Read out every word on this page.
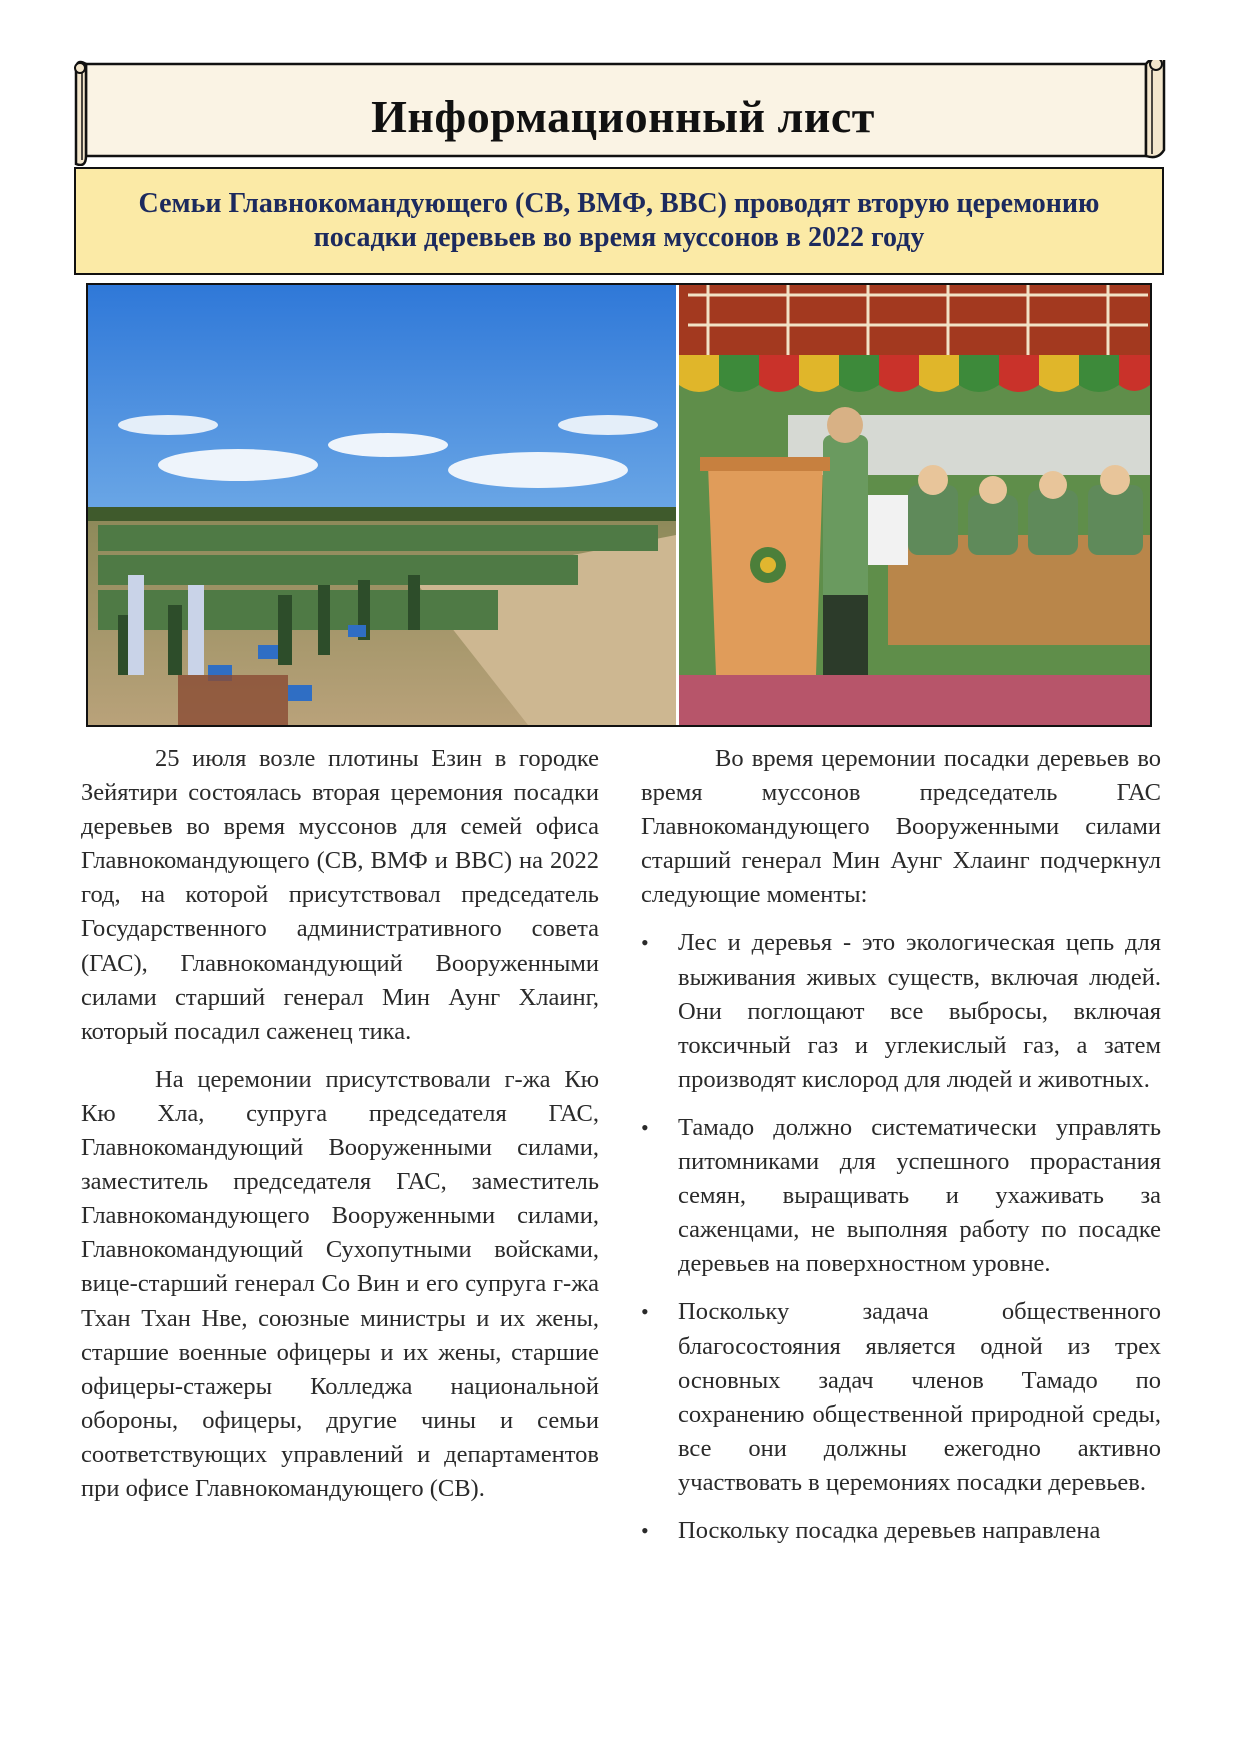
Информационный лист
Семьи Главнокомандующего (СВ, ВМФ, ВВС) проводят вторую церемонию посадки деревьев во время муссонов в 2022 году

25 июля возле плотины Езин в городке Зейятири состоялась вторая церемония посадки деревьев во время муссонов для семей офиса Главнокомандующего (СВ, ВМФ и ВВС) на 2022 год, на которой присутствовал председатель Государственного административного совета (ГАС), Главнокомандующий Вооруженными силами старший генерал Мин Аунг Хлаинг, который посадил саженец тика.

На церемонии присутствовали г-жа Кю Кю Хла, супруга председателя ГАС, Главнокомандующий Вооруженными силами, заместитель председателя ГАС, заместитель Главнокомандующего Вооруженными силами, Главнокомандующий Сухопутными войсками, вице-старший генерал Со Вин и его супруга г-жа Тхан Тхан Нве, союзные министры и их жены, старшие военные офицеры и их жены, старшие офицеры-стажеры Колледжа национальной обороны, офицеры, другие чины и семьи соответствующих управлений и департаментов при офисе Главнокомандующего (СВ).

Во время церемонии посадки деревьев во время муссонов председатель ГАС Главнокомандующего Вооруженными силами старший генерал Мин Аунг Хлаинг подчеркнул следующие моменты:

• Лес и деревья - это экологическая цепь для выживания живых существ, включая людей. Они поглощают все выбросы, включая токсичный газ и углекислый газ, а затем производят кислород для людей и животных.
• Тамадо должно систематически управлять питомниками для успешного прорастания семян, выращивать и ухаживать за саженцами, не выполняя работу по посадке деревьев на поверхностном уровне.
• Поскольку задача общественного благосостояния является одной из трех основных задач членов Тамадо по сохранению общественной природной среды, все они должны ежегодно активно участвовать в церемониях посадки деревьев.
• Поскольку посадка деревьев направлена
